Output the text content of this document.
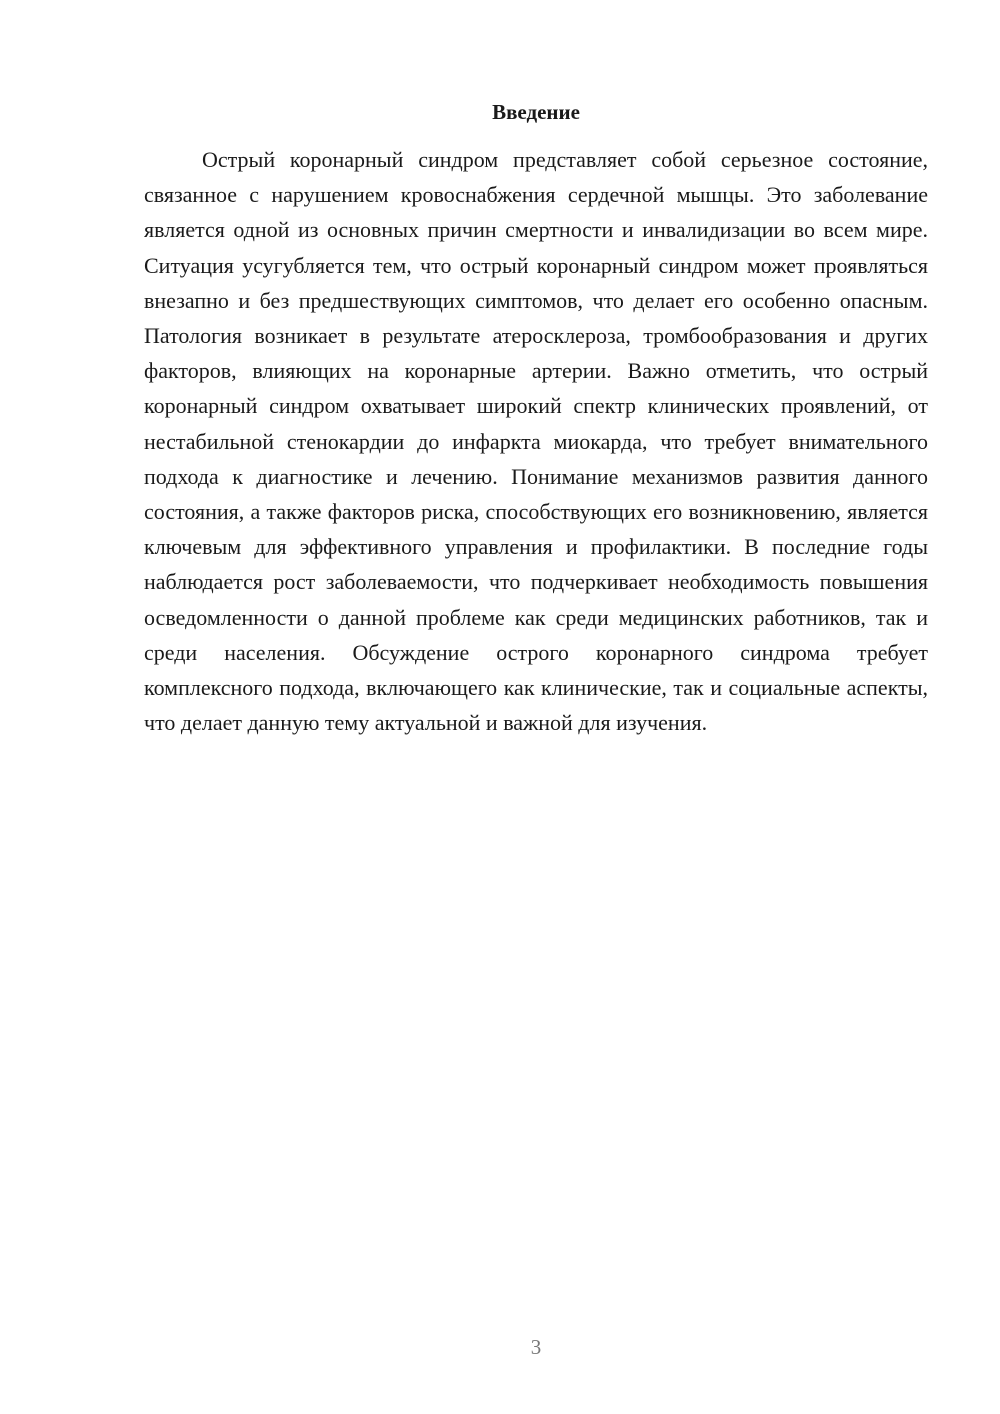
Введение

Острый коронарный синдром представляет собой серьезное состояние, связанное с нарушением кровоснабжения сердечной мышцы. Это заболевание является одной из основных причин смертности и инвалидизации во всем мире. Ситуация усугубляется тем, что острый коронарный синдром может проявляться внезапно и без предшествующих симптомов, что делает его особенно опасным. Патология возникает в результате атеросклероза, тромбообразования и других факторов, влияющих на коронарные артерии. Важно отметить, что острый коронарный синдром охватывает широкий спектр клинических проявлений, от нестабильной стенокардии до инфаркта миокарда, что требует внимательного подхода к диагностике и лечению. Понимание механизмов развития данного состояния, а также факторов риска, способствующих его возникновению, является ключевым для эффективного управления и профилактики. В последние годы наблюдается рост заболеваемости, что подчеркивает необходимость повышения осведомленности о данной проблеме как среди медицинских работников, так и среди населения. Обсуждение острого коронарного синдрома требует комплексного подхода, включающего как клинические, так и социальные аспекты, что делает данную тему актуальной и важной для изучения.

3
